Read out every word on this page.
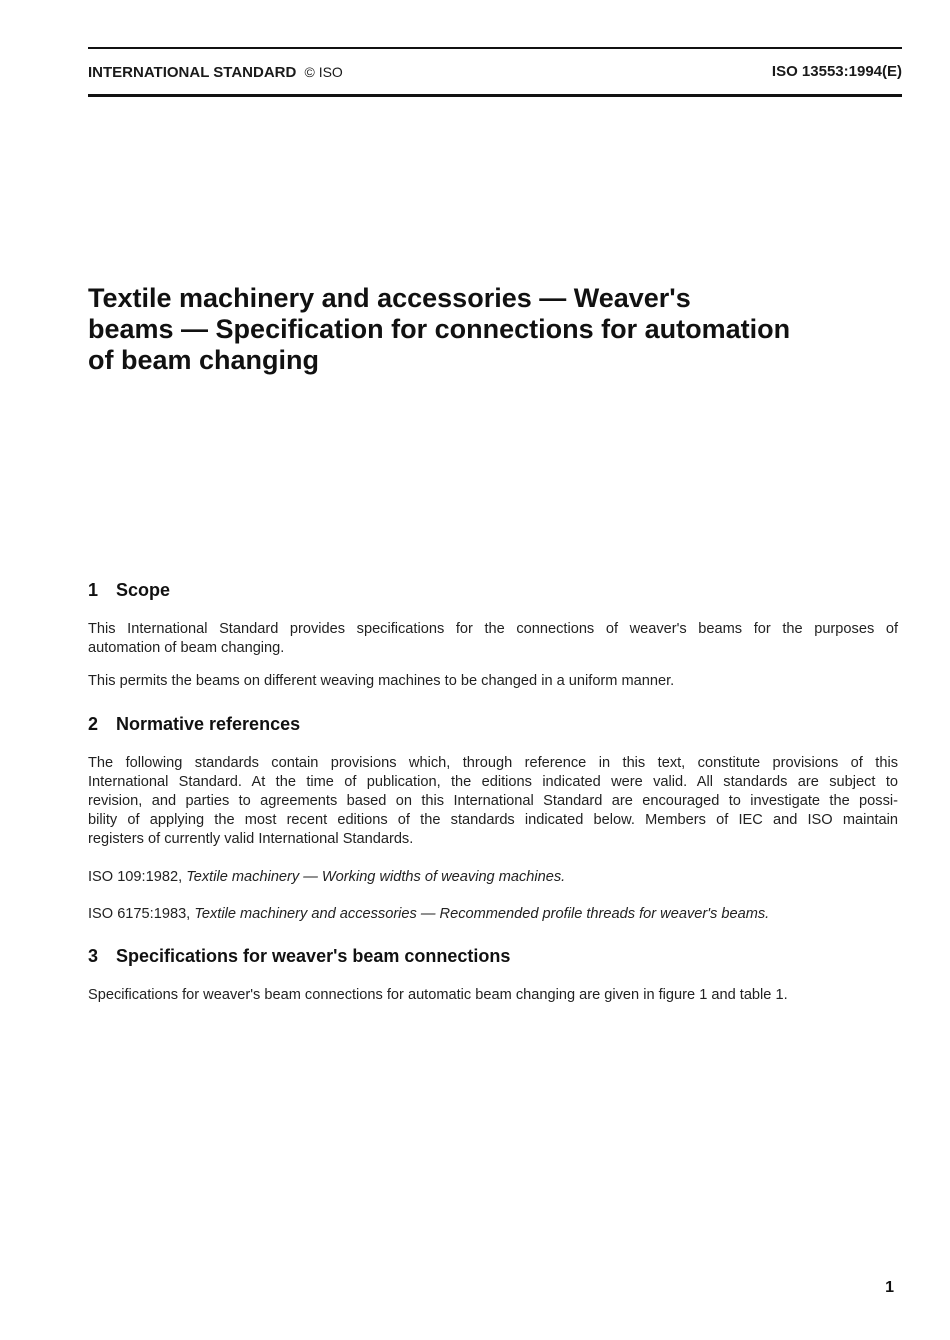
INTERNATIONAL STANDARD © ISO	ISO 13553:1994(E)
Textile machinery and accessories — Weaver's
beams — Specification for connections for automation
of beam changing
1 Scope

This International Standard provides specifications for the connections of weaver's beams for the purposes of
automation of beam changing.

This permits the beams on different weaving machines to be changed in a uniform manner.

2 Normative references

The following standards contain provisions which, through reference in this text, constitute provisions of this
International Standard. At the time of publication, the editions indicated were valid. All standards are subject to
revision, and parties to agreements based on this International Standard are encouraged to investigate the possi-
bility of applying the most recent editions of the standards indicated below. Members of IEC and ISO maintain
registers of currently valid International Standards.

ISO 109:1982, Textile machinery — Working widths of weaving machines.

ISO 6175:1983, Textile machinery and accessories — Recommended profile threads for weaver's beams.

3 Specifications for weaver's beam connections

Specifications for weaver's beam connections for automatic beam changing are given in figure 1 and table 1.

1
